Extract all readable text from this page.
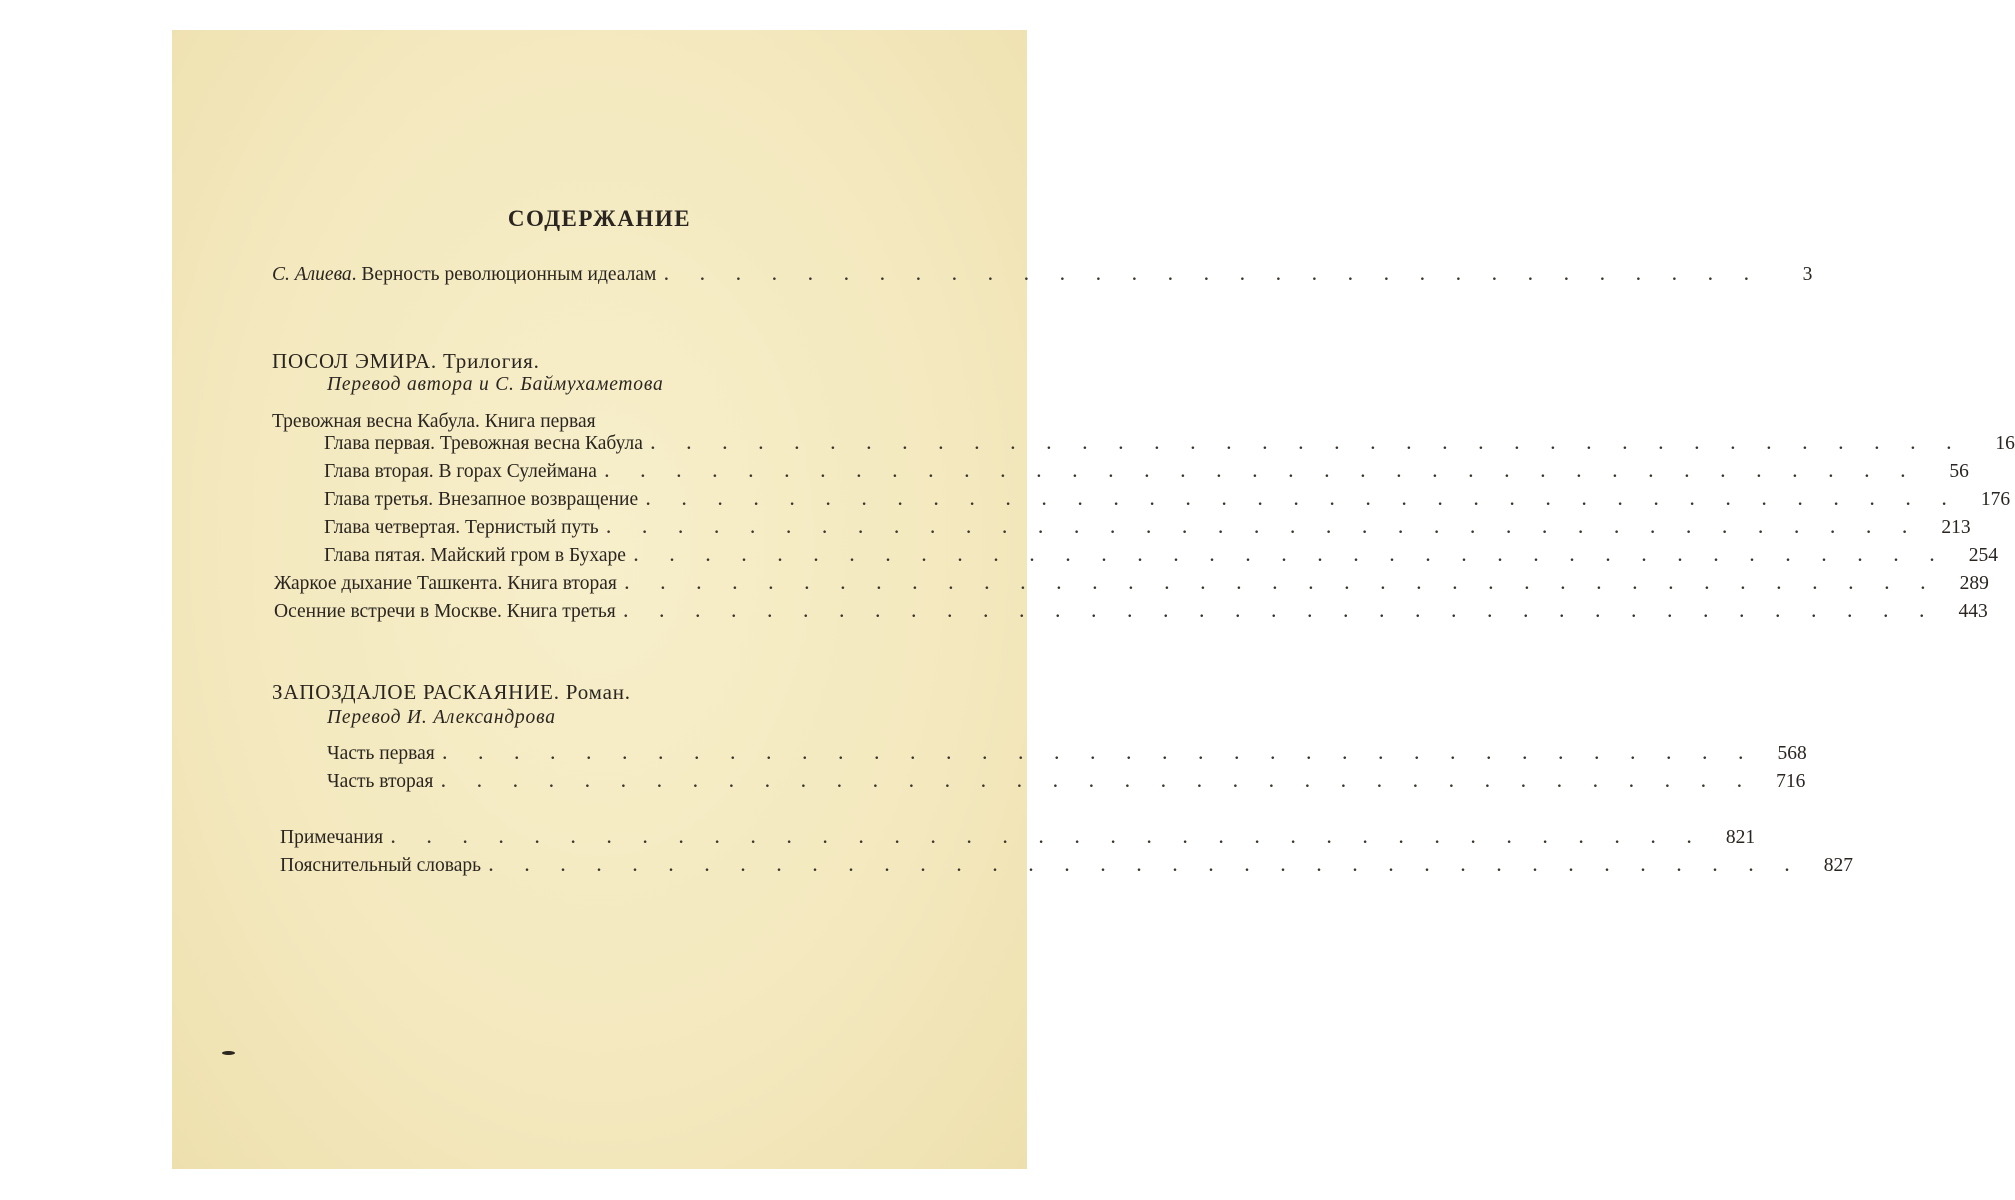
СОДЕРЖАНИЕ
С. Алиева. Верность революционным идеалам . . . . . . . . . . . . . . . . . . . . . . . . . . . . . . .	3
ПОСОЛ ЭМИРА. Трилогия.
Перевод автора и С. Баймухаметова
Тревожная весна Кабула. Книга первая
ЗАПОЗДАЛОЕ РАСКАЯНИЕ. Роман.
Перевод И. Александрова
Глава первая. Тревожная весна Кабула . . . . . . . . . . . . . . . . . . . . . . . . . . . . . . . . . . . . .	16
Глава вторая. В горах Сулеймана . . . . . . . . . . . . . . . . . . . . . . . . . . . . . . . . . . . . .	56
Глава третья. Внезапное возвращение . . . . . . . . . . . . . . . . . . . . . . . . . . . . . . . . . . . . .	176
Глава четвертая. Тернистый путь . . . . . . . . . . . . . . . . . . . . . . . . . . . . . . . . . . . . .	213
Глава пятая. Майский гром в Бухаре . . . . . . . . . . . . . . . . . . . . . . . . . . . . . . . . . . . . .	254
Жаркое дыхание Ташкента. Книга вторая . . . . . . . . . . . . . . . . . . . . . . . . . . . . . . . . . . . . .	289
Осенние встречи в Москве. Книга третья . . . . . . . . . . . . . . . . . . . . . . . . . . . . . . . . . . . . .	443
Часть первая . . . . . . . . . . . . . . . . . . . . . . . . . . . . . . . . . . . . .	568
Часть вторая . . . . . . . . . . . . . . . . . . . . . . . . . . . . . . . . . . . . .	716
Примечания . . . . . . . . . . . . . . . . . . . . . . . . . . . . . . . . . . . . .	821
Пояснительный словарь . . . . . . . . . . . . . . . . . . . . . . . . . . . . . . . . . . . . .	827
